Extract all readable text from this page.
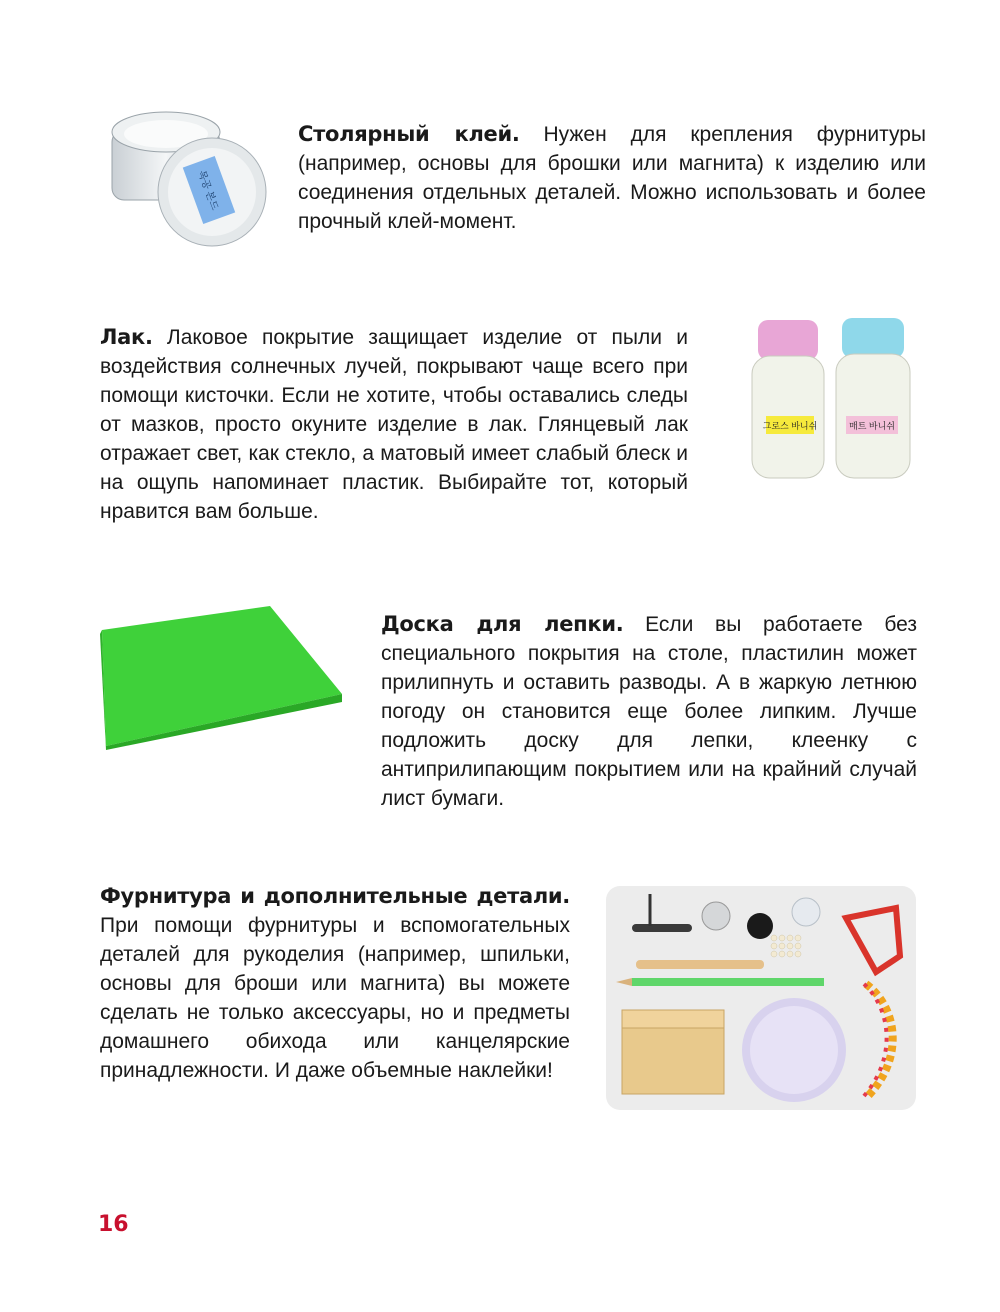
목공 본드
그로스 바니쉬	매트 바니쉬

Столярный клей. Нужен для крепления фурнитуры (например, основы для брошки или магнита) к изделию или соединения отдельных деталей. Можно использовать и более прочный клей-момент.

Лак. Лаковое покрытие защищает изделие от пыли и воздействия солнечных лучей, покрывают чаще всего при помощи кисточки. Если не хотите, чтобы оставались следы от мазков, просто окуните изделие в лак. Глянцевый лак отражает свет, как стекло, а матовый имеет слабый блеск и на ощупь напоминает пластик. Выбирайте тот, который нравится вам больше.

Доска для лепки. Если вы работаете без специального покрытия на столе, пластилин может прилипнуть и оставить разводы. А в жаркую летнюю погоду он становится еще более липким. Лучше подложить доску для лепки, клеенку с антиприлипающим покрытием или на крайний случай лист бумаги.

Фурнитура и дополнительные детали. При помощи фурнитуры и вспомогательных деталей для рукоделия (например, шпильки, основы для броши или магнита) вы можете сделать не только аксессуары, но и предметы домашнего обихода или канцелярские принадлежности. И даже объемные наклейки!

16
